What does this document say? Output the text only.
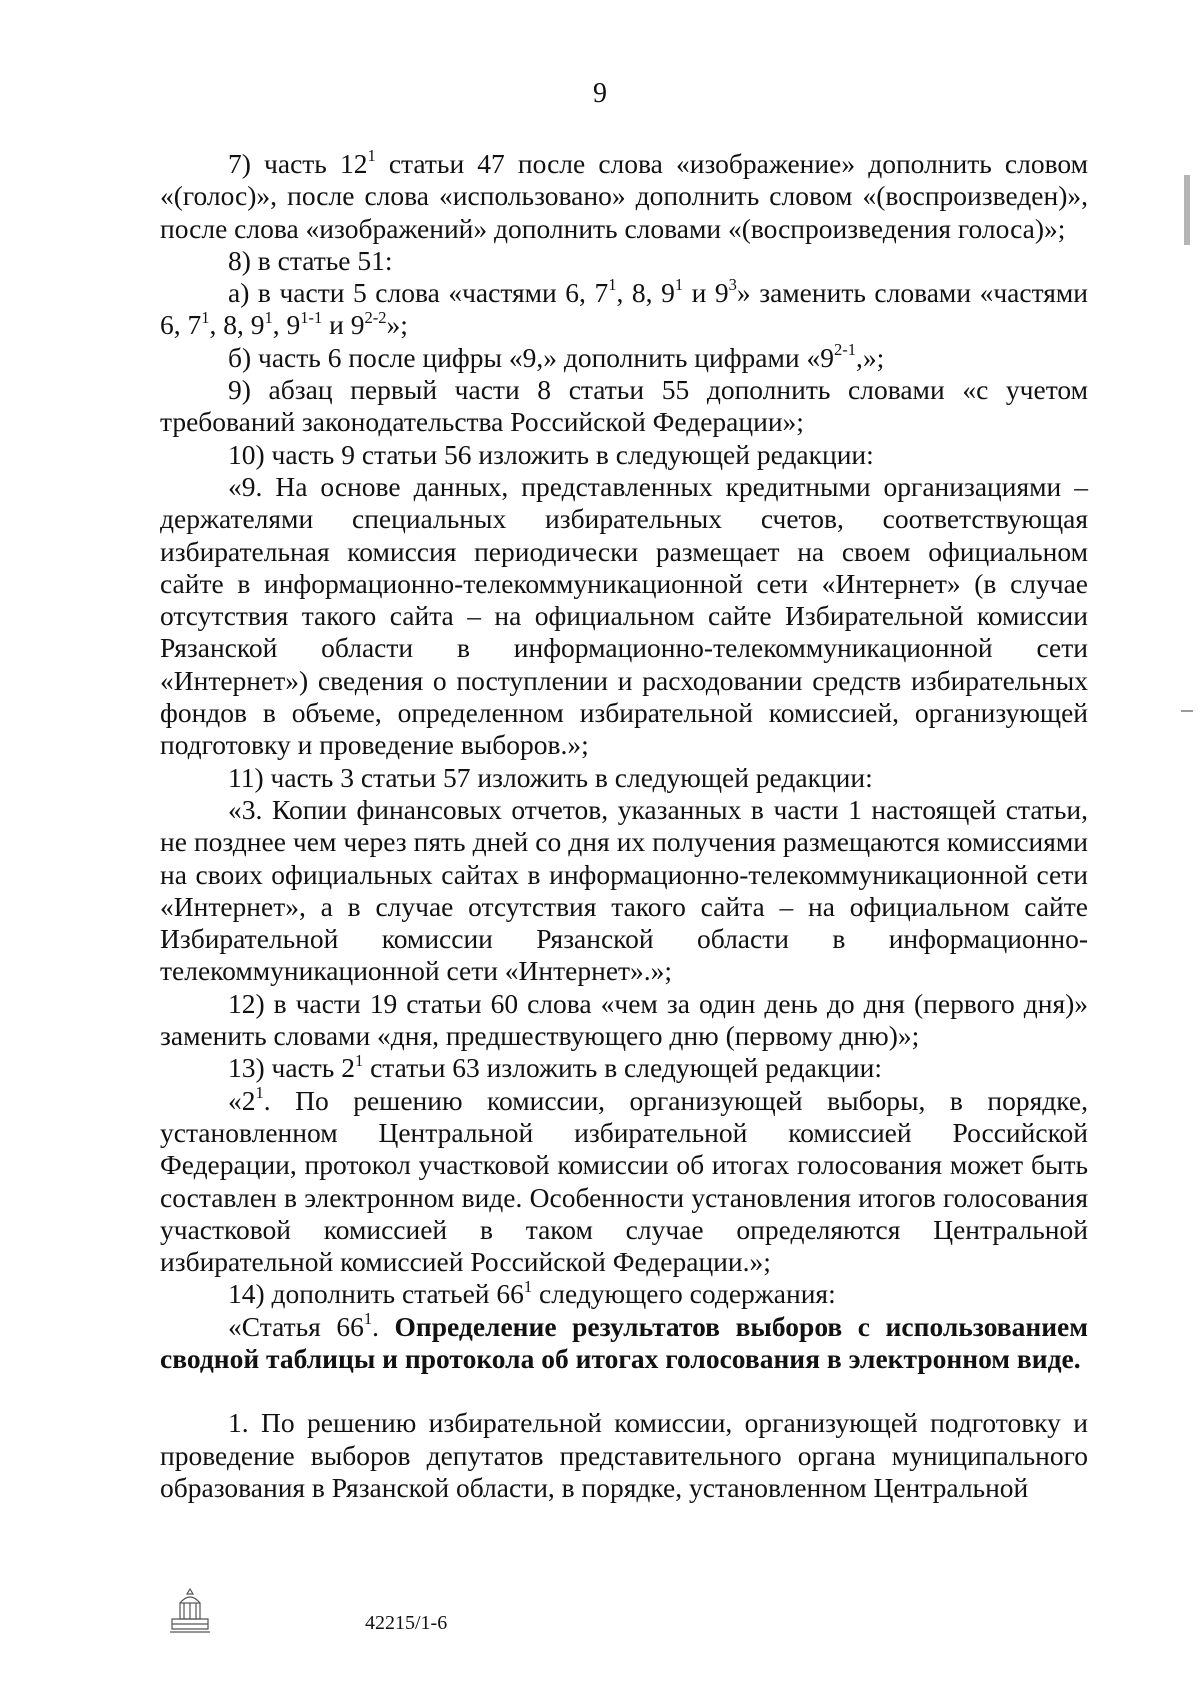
9

7) часть $12^1$ статьи 47 после слова «изображение» дополнить словом «(голос)», после слова «использовано» дополнить словом «(воспроизведен)», после слова «изображений» дополнить словами «(воспроизведения голоса)»;

8) в статье 51:

а) в части 5 слова «частями 6, $7^1$, 8, $9^1$ и $9^3$» заменить словами «частями 6, $7^1$, 8, $9^1$, 9$^{1-1}$ и 9$^{2-2}$»;

б) часть 6 после цифры «9,» дополнить цифрами «9$^{2-1}$,»;

9) абзац первый части 8 статьи 55 дополнить словами «с учетом требований законодательства Российской Федерации»;

10) часть 9 статьи 56 изложить в следующей редакции:

«9. На основе данных, представленных кредитными организациями – держателями специальных избирательных счетов, соответствующая избирательная комиссия периодически размещает на своем официальном сайте в информационно-телекоммуникационной сети «Интернет» (в случае отсутствия такого сайта – на официальном сайте Избирательной комиссии Рязанской области в информационно-телекоммуникационной сети «Интернет») сведения о поступлении и расходовании средств избирательных фондов в объеме, определенном избирательной комиссией, организующей подготовку и проведение выборов.»;

11) часть 3 статьи 57 изложить в следующей редакции:

«3. Копии финансовых отчетов, указанных в части 1 настоящей статьи, не позднее чем через пять дней со дня их получения размещаются комиссиями на своих официальных сайтах в информационно-телекоммуникационной сети «Интернет», а в случае отсутствия такого сайта – на официальном сайте Избирательной комиссии Рязанской области в информационно-телекоммуникационной сети «Интернет».»;

12) в части 19 статьи 60 слова «чем за один день до дня (первого дня)» заменить словами «дня, предшествующего дню (первому дню)»;

13) часть $2^1$ статьи 63 изложить в следующей редакции:

«$2^1$. По решению комиссии, организующей выборы, в порядке, установленном Центральной избирательной комиссией Российской Федерации, протокол участковой комиссии об итогах голосования может быть составлен в электронном виде. Особенности установления итогов голосования участковой комиссией в таком случае определяются Центральной избирательной комиссией Российской Федерации.»;

14) дополнить статьей $66^1$ следующего содержания:

«Статья $66^1$. Определение результатов выборов с использованием сводной таблицы и протокола об итогах голосования в электронном виде.

1. По решению избирательной комиссии, организующей подготовку и проведение выборов депутатов представительного органа муниципального образования в Рязанской области, в порядке, установленном Центральной

42215/1-6
